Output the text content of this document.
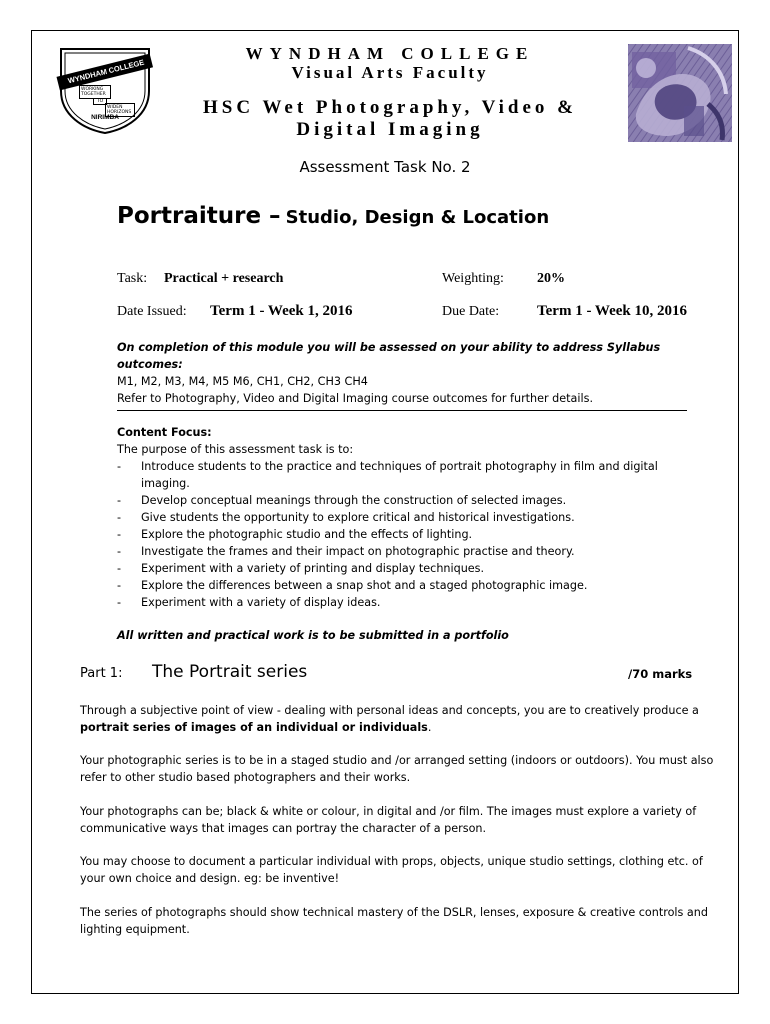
WYNDHAM COLLEGE
WORKING TOGETHER
TO
WIDEN HORIZONS
NIRIMBA
WYNDHAM COLLEGE
Visual Arts Faculty
HSC Wet Photography, Video &
Digital Imaging
Assessment Task No. 2
Portraiture – Studio, Design & Location
Task: Practical + research	Weighting: 20%
Date Issued: Term 1 - Week 1, 2016	Due Date:	Term 1 - Week 10, 2016
On completion of this module you will be assessed on your ability to address Syllabus outcomes:
M1, M2, M3, M4, M5 M6, CH1, CH2, CH3 CH4
Refer to Photography, Video and Digital Imaging course outcomes for further details.
Content Focus:
The purpose of this assessment task is to:
- Introduce students to the practice and techniques of portrait photography in film and digital imaging.
- Develop conceptual meanings through the construction of selected images.
- Give students the opportunity to explore critical and historical investigations.
- Explore the photographic studio and the effects of lighting.
- Investigate the frames and their impact on photographic practise and theory.
- Experiment with a variety of printing and display techniques.
- Explore the differences between a snap shot and a staged photographic image.
- Experiment with a variety of display ideas.
All written and practical work is to be submitted in a portfolio
Part 1: The Portrait series	/70 marks
Through a subjective point of view - dealing with personal ideas and concepts, you are to creatively produce a portrait series of images of an individual or individuals.
Your photographic series is to be in a staged studio and /or arranged setting (indoors or outdoors). You must also refer to other studio based photographers and their works.
Your photographs can be; black & white or colour, in digital and /or film. The images must explore a variety of communicative ways that images can portray the character of a person.
You may choose to document a particular individual with props, objects, unique studio settings, clothing etc. of your own choice and design. eg: be inventive!
The series of photographs should show technical mastery of the DSLR, lenses, exposure & creative controls and lighting equipment.
